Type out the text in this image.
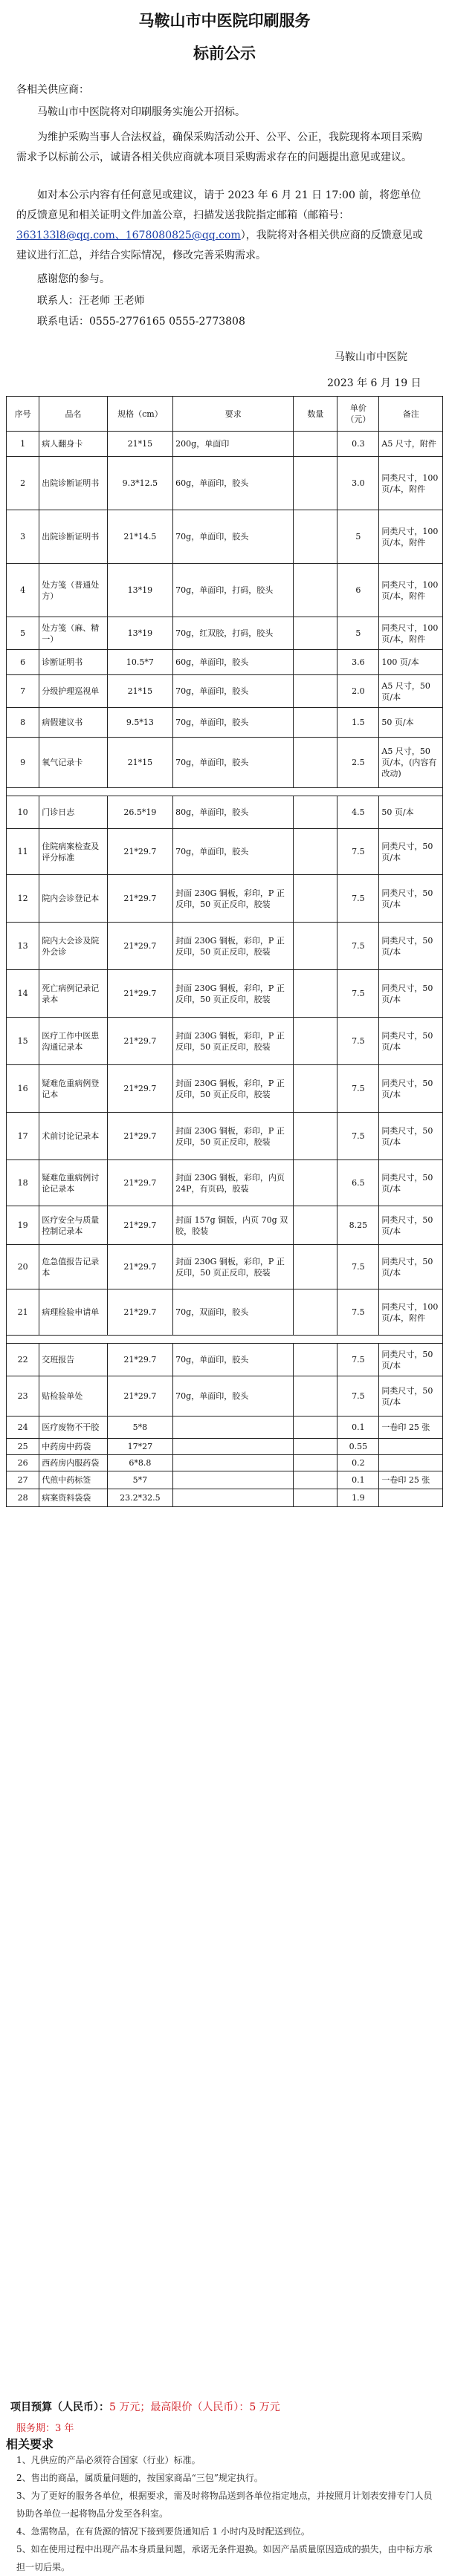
马鞍山市中医院印刷服务
标前公示
各相关供应商：
马鞍山市中医院将对印刷服务实施公开招标。
为维护采购当事人合法权益，确保采购活动公开、公平、公正，我院现将本项目采购需求予以标前公示，诚请各相关供应商就本项目采购需求存在的问题提出意见或建议。
如对本公示内容有任何意见或建议，请于 2023 年 6 月 21 日 17:00 前，将您单位的反馈意见和相关证明文件加盖公章，扫描发送我院指定邮箱（邮箱号：363133l8@qq.com、1678080825@qq.com），我院将对各相关供应商的反馈意见或建议进行汇总，并结合实际情况，修改完善采购需求。
感谢您的参与。
联系人：汪老师 王老师
联系电话：0555-2776165 0555-2773808
马鞍山市中医院
2023 年 6 月 19 日
序号	品名	规格（cm）	要求	数量	单价（元）	备注
1	病人翻身卡	21*15	200g，单面印		0.3	A5 尺寸，附件
2	出院诊断证明书	9.3*12.5	60g，单面印，胶头		3.0	同类尺寸，100 页/本，附件
3	出院诊断证明书	21*14.5	70g，单面印，胶头		5	同类尺寸，100 页/本，附件
4	处方笺（普通处方）	13*19	70g，单面印，打码，胶头		6	同类尺寸，100 页/本，附件
5	处方笺（麻、精一）	13*19	70g，红双胶，打码，胶头		5	同类尺寸，100 页/本，附件
6	诊断证明书	10.5*7	60g，单面印，胶头		3.6	100 页/本
7	分级护理巡视单	21*15	70g，单面印，胶头		2.0	A5 尺寸，50 页/本
8	病假建议书	9.5*13	70g，单面印，胶头		1.5	50 页/本
9	氧气记录卡	21*15	70g，单面印，胶头		2.5	A5 尺寸，50 页/本，(内容有改动)

10	门诊日志	26.5*19	80g，单面印，胶头		4.5	50 页/本
11	住院病案检查及评分标准	21*29.7	70g，单面印，胶头		7.5	同类尺寸，50 页/本
12	院内会诊登记本	21*29.7	封面 230G 铜板，彩印，P 正反印，50 页正反印，胶装		7.5	同类尺寸，50 页/本
13	院内大会诊及院外会诊	21*29.7	封面 230G 铜板，彩印，P 正反印，50 页正反印，胶装		7.5	同类尺寸，50 页/本
14	死亡病例记录记录本	21*29.7	封面 230G 铜板，彩印，P 正反印，50 页正反印，胶装		7.5	同类尺寸，50 页/本
15	医疗工作中医患沟通记录本	21*29.7	封面 230G 铜板，彩印，P 正反印，50 页正反印，胶装		7.5	同类尺寸，50 页/本
16	疑难危重病例登记本	21*29.7	封面 230G 铜板，彩印，P 正反印，50 页正反印，胶装		7.5	同类尺寸，50 页/本
17	术前讨论记录本	21*29.7	封面 230G 铜板，彩印，P 正反印，50 页正反印，胶装		7.5	同类尺寸，50 页/本
18	疑难危重病例讨论记录本	21*29.7	封面 230G 铜板，彩印，内页 24P，有页码，胶装		6.5	同类尺寸，50 页/本
19	医疗安全与质量控制记录本	21*29.7	封面 157g 铜版，内页 70g 双胶，胶装		8.25	同类尺寸，50 页/本
20	危急值报告记录本	21*29.7	封面 230G 铜板，彩印，P 正反印，50 页正反印，胶装		7.5	同类尺寸，50 页/本
21	病理检验申请单	21*29.7	70g，双面印，胶头		7.5	同类尺寸，100 页/本，附件

22	交班报告	21*29.7	70g，单面印，胶头		7.5	同类尺寸，50 页/本
23	贴检验单处	21*29.7	70g，单面印，胶头		7.5	同类尺寸，50 页/本
24	医疗废物不干胶	5*8			0.1	一卷印 25 张
25	中药房中药袋	17*27			0.55	
26	西药房内服药袋	6*8.8			0.2	
27	代煎中药标签	5*7			0.1	一卷印 25 张
28	病案资料袋袋	23.2*32.5			1.9	
项目预算（人民币）：5 万元；最高限价（人民币）：5 万元
服务期：3 年
相关要求
1、凡供应的产品必须符合国家（行业）标准。
2、售出的商品，属质量问题的，按国家商品“三包”规定执行。
3、为了更好的服务各单位，根据要求，需及时将物品送到各单位指定地点，并按照月计划表安排专门人员协助各单位一起将物品分发至各科室。
4、急需物品，在有货源的情况下接到要货通知后 1 小时内及时配送到位。
5、如在使用过程中出现产品本身质量问题，承诺无条件退换。如因产品质量原因造成的损失，由中标方承担一切后果。
